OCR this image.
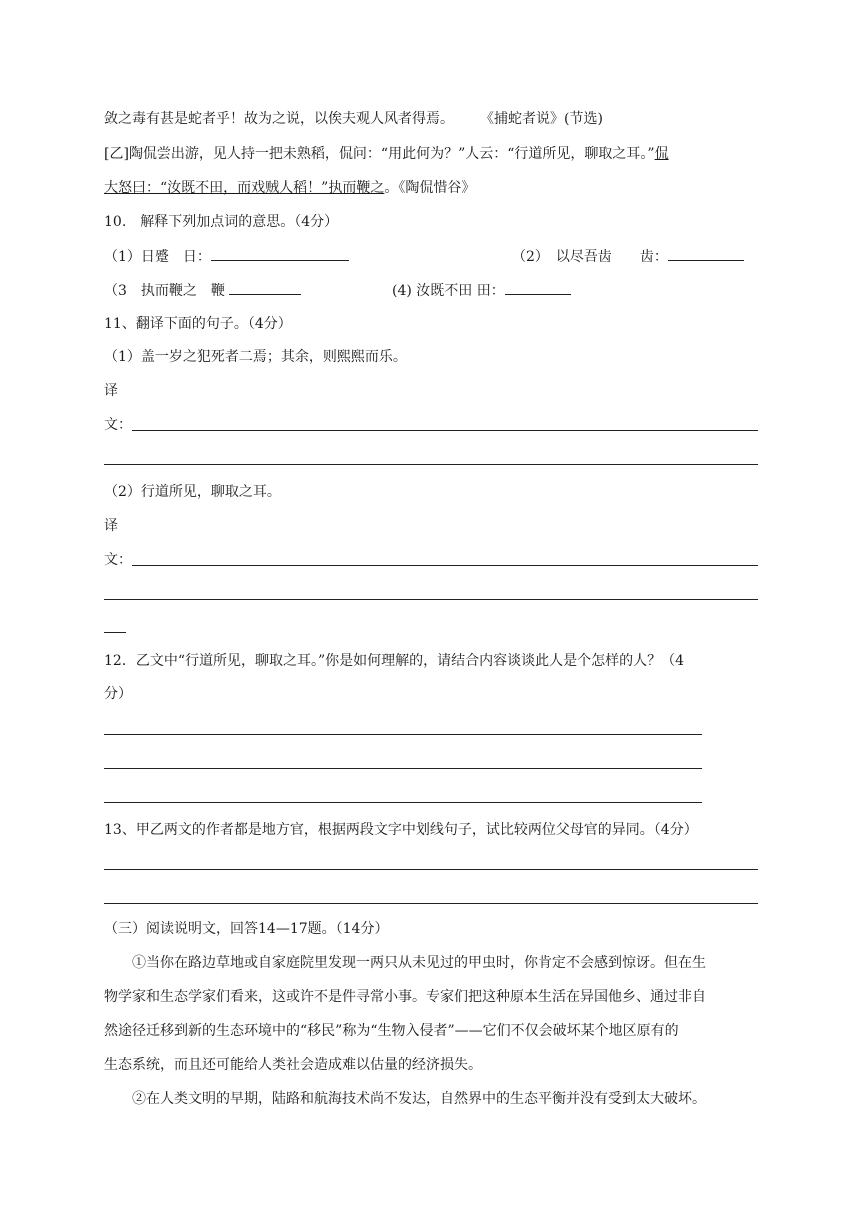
敛之毒有甚是蛇者乎！故为之说，以俟夫观人风者得焉。 《捕蛇者说》(节选)
[乙]陶侃尝出游，见人持一把未熟稻，侃问：“用此何为？”人云：“行道所见，聊取之耳。”侃
大怒曰：“汝既不田，而戏贼人稻！”执而鞭之。《陶侃惜谷》
10.　解释下列加点词的意思。（4分）
（1）日蹙　日：	（2）　以尽吾齿　　齿：
（3　执而鞭之　鞭	(4) 汝既不田 田：
11、翻译下面的句子。（4分）
（1）盖一岁之犯死者二焉；其余，则熙熙而乐。
译
文：
（2）行道所见，聊取之耳。
译
文：
12．乙文中“行道所见，聊取之耳。”你是如何理解的，请结合内容谈谈此人是个怎样的人？（4
分）
13、甲乙两文的作者都是地方官，根据两段文字中划线句子，试比较两位父母官的异同。（4分）
（三）阅读说明文，回答14—17题。（14分）
①当你在路边草地或自家庭院里发现一两只从未见过的甲虫时，你肯定不会感到惊讶。但在生
物学家和生态学家们看来，这或许不是件寻常小事。专家们把这种原本生活在异国他乡、通过非自
然途径迁移到新的生态环境中的“移民”称为“生物入侵者”——它们不仅会破坏某个地区原有的
生态系统，而且还可能给人类社会造成难以估量的经济损失。
②在人类文明的早期，陆路和航海技术尚不发达，自然界中的生态平衡并没有受到太大破坏。
